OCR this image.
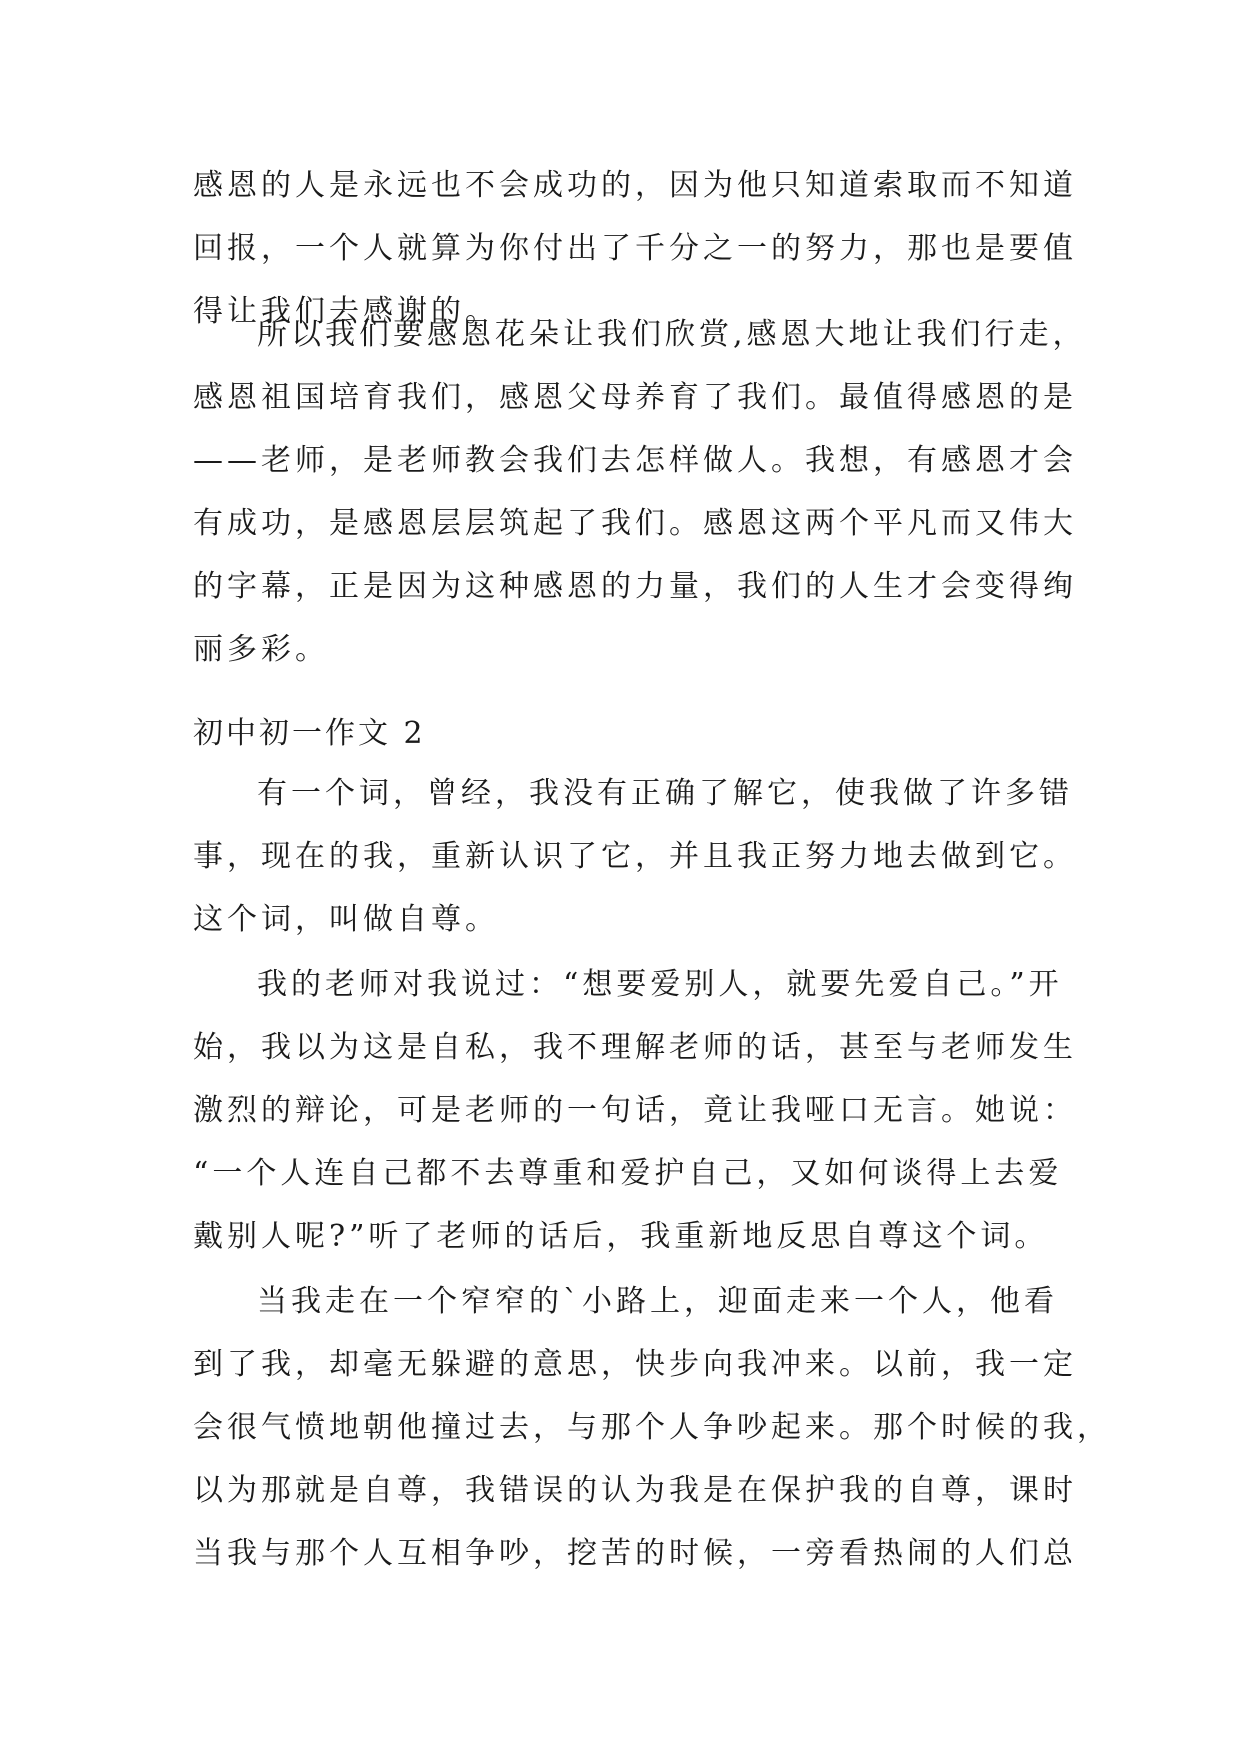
感恩的人是永远也不会成功的，因为他只知道索取而不知道
回报，一个人就算为你付出了千分之一的努力，那也是要值
得让我们去感谢的。
所以我们要感恩花朵让我们欣赏,感恩大地让我们行走，
感恩祖国培育我们，感恩父母养育了我们。最值得感恩的是
——老师，是老师教会我们去怎样做人。我想，有感恩才会
有成功，是感恩层层筑起了我们。感恩这两个平凡而又伟大
的字幕，正是因为这种感恩的力量，我们的人生才会变得绚
丽多彩。
初中初一作文 2
有一个词，曾经，我没有正确了解它，使我做了许多错
事，现在的我，重新认识了它，并且我正努力地去做到它。
这个词，叫做自尊。
我的老师对我说过：“想要爱别人，就要先爱自己。”开
始，我以为这是自私，我不理解老师的话，甚至与老师发生
激烈的辩论，可是老师的一句话，竟让我哑口无言。她说：
“一个人连自己都不去尊重和爱护自己，又如何谈得上去爱
戴别人呢?”听了老师的话后，我重新地反思自尊这个词。
当我走在一个窄窄的`小路上，迎面走来一个人，他看
到了我，却毫无躲避的意思，快步向我冲来。以前，我一定
会很气愤地朝他撞过去，与那个人争吵起来。那个时候的我，
以为那就是自尊，我错误的认为我是在保护我的自尊，课时
当我与那个人互相争吵，挖苦的时候，一旁看热闹的人们总
